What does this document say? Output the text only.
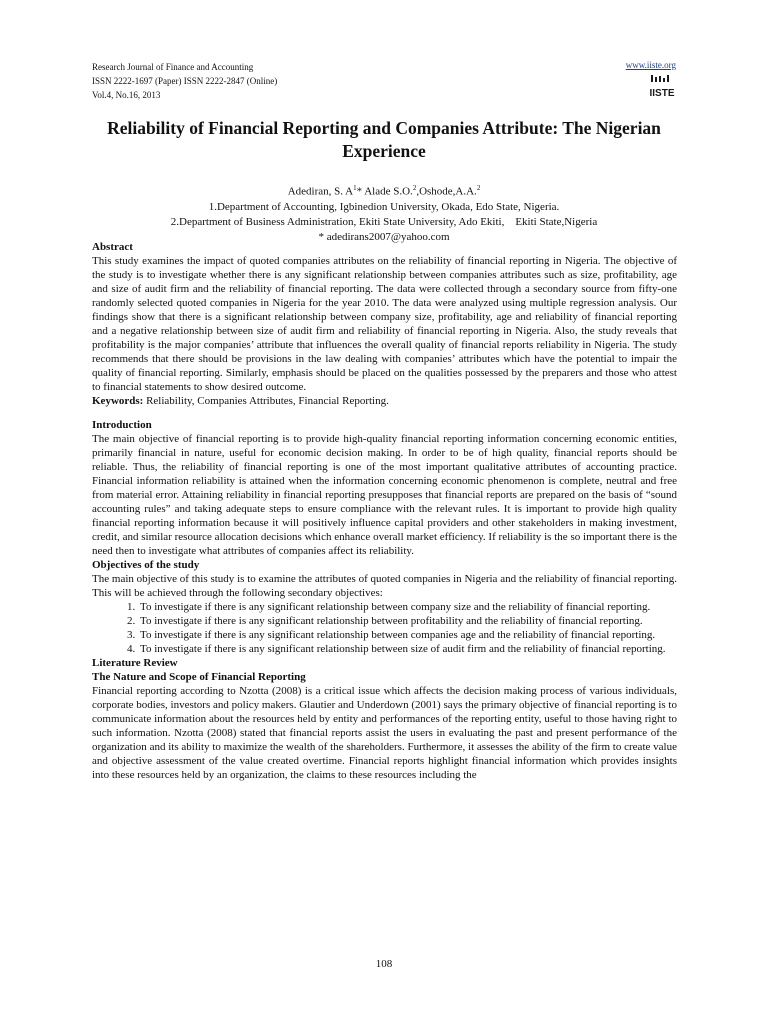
Research Journal of Finance and Accounting
ISSN 2222-1697 (Paper) ISSN 2222-2847 (Online)
Vol.4, No.16, 2013
www.iiste.org
IISTE
Reliability of Financial Reporting and Companies Attribute: The Nigerian Experience
Adediran, S. $A^1*$ Alade S.O.$^2$,Oshode,A.A.$^2$
1.Department of Accounting, Igbinedion University, Okada, Edo State, Nigeria.
2.Department of Business Administration, Ekiti State University, Ado Ekiti,    Ekiti State,Nigeria
* adedirans2007@yahoo.com

Abstract

This study examines the impact of quoted companies attributes on the reliability of financial reporting in Nigeria. The objective of the study is to investigate whether there is any significant relationship between companies attributes such as size, profitability, age and size of audit firm and the reliability of financial reporting. The data were collected through a secondary source from fifty-one randomly selected quoted companies in Nigeria for the year 2010. The data were analyzed using multiple regression analysis. Our findings show that there is a significant relationship between company size, profitability, age and reliability of financial reporting and a negative relationship between size of audit firm and reliability of financial reporting in Nigeria. Also, the study reveals that profitability is the major companies’ attribute that influences the overall quality of financial reports reliability in Nigeria. The study recommends that there should be provisions in the law dealing with companies’ attributes which have the potential to impair the quality of financial reporting. Similarly, emphasis should be placed on the qualities possessed by the preparers and those who attest to financial statements to show desired outcome.

Keywords: Reliability, Companies Attributes, Financial Reporting.

Introduction

The main objective of financial reporting is to provide high-quality financial reporting information concerning economic entities, primarily financial in nature, useful for economic decision making. In order to be of high quality, financial reports should be reliable. Thus, the reliability of financial reporting is one of the most important qualitative attributes of accounting practice. Financial information reliability is attained when the information concerning economic phenomenon is complete, neutral and free from material error. Attaining reliability in financial reporting presupposes that financial reports are prepared on the basis of “sound accounting rules” and taking adequate steps to ensure compliance with the relevant rules. It is important to provide high quality financial reporting information because it will positively influence capital providers and other stakeholders in making investment, credit, and similar resource allocation decisions which enhance overall market efficiency. If reliability is the so important there is the need then to investigate what attributes of companies affect its reliability.

Objectives of the study

The main objective of this study is to examine the attributes of quoted companies in Nigeria and the reliability of financial reporting. This will be achieved through the following secondary objectives:

1. To investigate if there is any significant relationship between company size and the reliability of financial reporting.
2. To investigate if there is any significant relationship between profitability and the reliability of financial reporting.
3. To investigate if there is any significant relationship between companies age and the reliability of financial reporting.
4. To investigate if there is any significant relationship between size of audit firm and the reliability of financial reporting.

Literature Review

The Nature and Scope of Financial Reporting

Financial reporting according to Nzotta (2008) is a critical issue which affects the decision making process of various individuals, corporate bodies, investors and policy makers. Glautier and Underdown (2001) says the primary objective of financial reporting is to communicate information about the resources held by entity and performances of the reporting entity, useful to those having right to such information. Nzotta (2008) stated that financial reports assist the users in evaluating the past and present performance of the organization and its ability to maximize the wealth of the shareholders. Furthermore, it assesses the ability of the firm to create value and objective assessment of the value created overtime. Financial reports highlight financial information which provides insights into these resources held by an organization, the claims to these resources including the

108
